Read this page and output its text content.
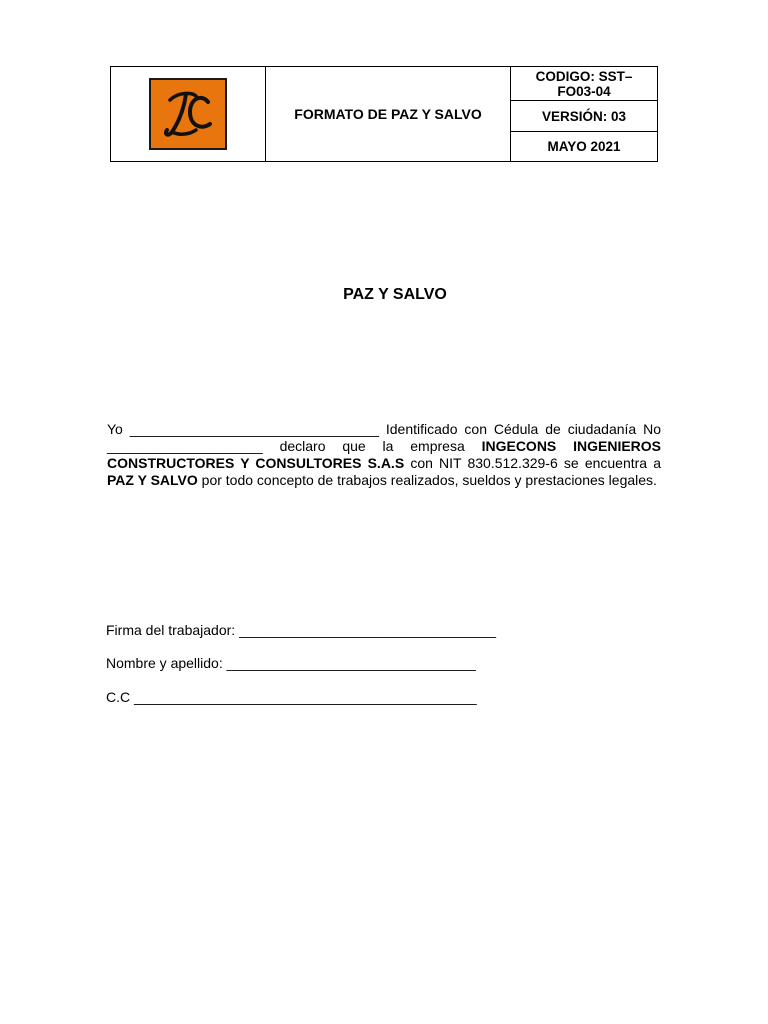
FORMATO DE PAZ Y SALVO
CODIGO: SST–
FO03-04
VERSIÓN: 03
MAYO 2021
PAZ Y SALVO
Yo ________________________________ Identificado con Cédula de ciudadanía No ____________________ declaro que la empresa INGECONS INGENIEROS CONSTRUCTORES Y CONSULTORES S.A.S con NIT 830.512.329-6 se encuentra a PAZ Y SALVO por todo concepto de trabajos realizados, sueldos y prestaciones legales.
Firma del trabajador: _________________________________
Nombre y apellido: ________________________________
C.C ____________________________________________
